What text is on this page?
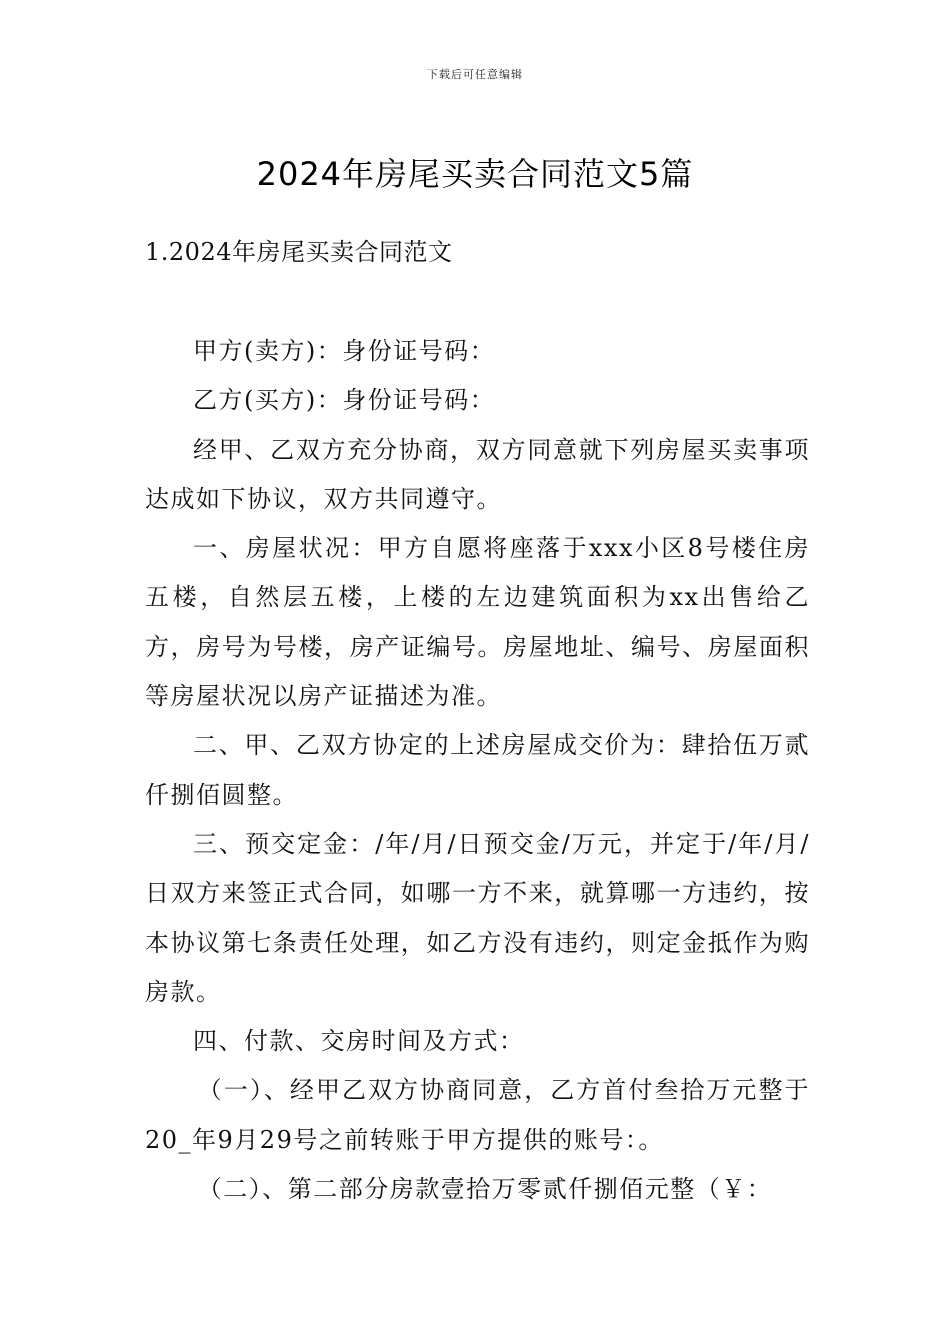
下载后可任意编辑
2024年房尾买卖合同范文5篇
1.2024年房尾买卖合同范文

甲方(卖方)：身份证号码：

乙方(买方)：身份证号码：

经甲、乙双方充分协商，双方同意就下列房屋买卖事项达成如下协议，双方共同遵守。

一、房屋状况：甲方自愿将座落于xxx小区8号楼住房五楼，自然层五楼，上楼的左边建筑面积为xx出售给乙方，房号为号楼，房产证编号。房屋地址、编号、房屋面积等房屋状况以房产证描述为准。

二、甲、乙双方协定的上述房屋成交价为：肆拾伍万贰仟捌佰圆整。

三、预交定金：/年/月/日预交金/万元，并定于/年/月/日双方来签正式合同，如哪一方不来，就算哪一方违约，按本协议第七条责任处理，如乙方没有违约，则定金抵作为购房款。

四、付款、交房时间及方式：

（一）、经甲乙双方协商同意，乙方首付叁拾万元整于20_年9月29号之前转账于甲方提供的账号：。

（二）、第二部分房款壹拾万零贰仟捌佰元整（￥：
